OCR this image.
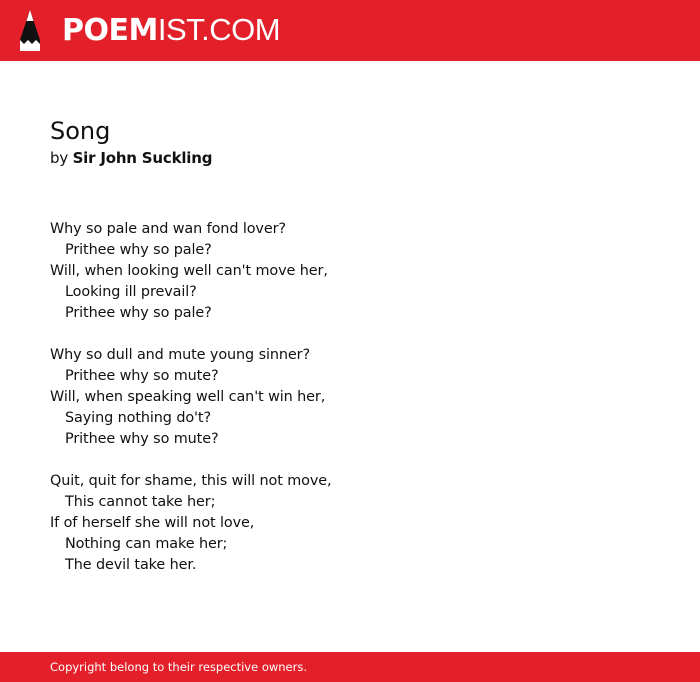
POEMIST.COM
Song
by Sir John Suckling
Why so pale and wan fond lover?
Prithee why so pale?
Will, when looking well can't move her,
Looking ill prevail?
Prithee why so pale?
Why so dull and mute young sinner?
Prithee why so mute?
Will, when speaking well can't win her,
Saying nothing do't?
Prithee why so mute?
Quit, quit for shame, this will not move,
This cannot take her;
If of herself she will not love,
Nothing can make her;
The devil take her.
Copyright belong to their respective owners.
